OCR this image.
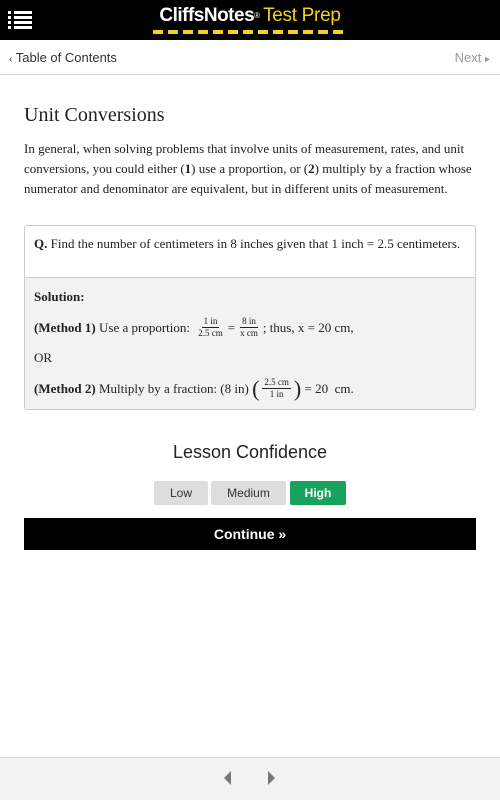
CliffsNotes® Test Prep
‹ Table of Contents	Next ▸
Unit Conversions

In general, when solving problems that involve units of measurement, rates, and unit conversions, you could either (1) use a proportion, or (2) multiply by a fraction whose numerator and denominator are equivalent, but in different units of measurement.

Q. Find the number of centimeters in 8 inches given that 1 inch = 2.5 centimeters.
Solution:
(Method 1) Use a proportion: $\frac{1 in}{2.5 cm} = \frac{8 in}{\text{x cm}}$ ; thus, x = 20 cm,
OR
(Method 2) Multiply by a fraction: (8 in) ( $\frac{2.5 cm}{1 in}$ ) = 20  cm.
Lesson Confidence
Low	Medium	High
Continue »
